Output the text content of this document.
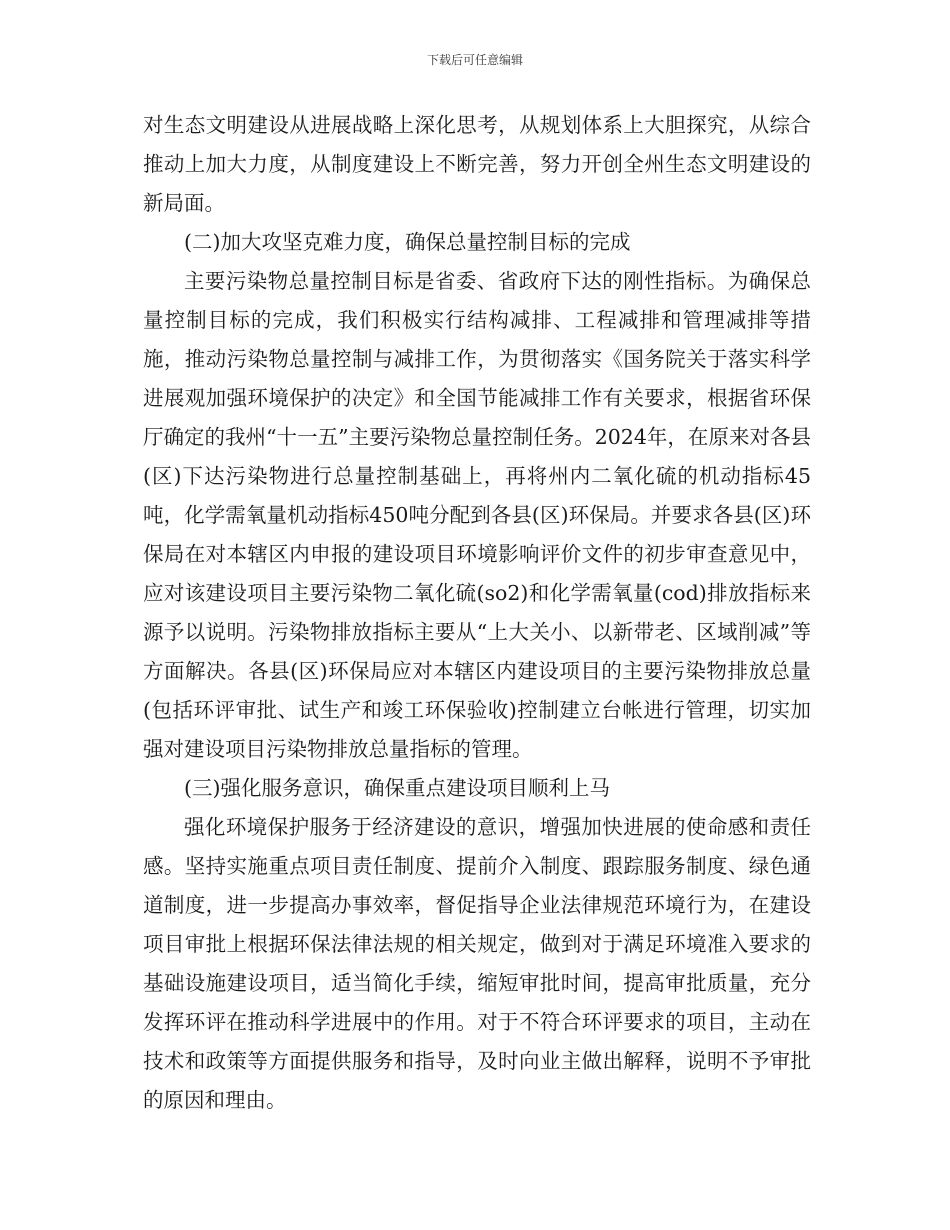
下载后可任意编辑

对生态文明建设从进展战略上深化思考，从规划体系上大胆探究，从综合推动上加大力度，从制度建设上不断完善，努力开创全州生态文明建设的新局面。

(二)加大攻坚克难力度，确保总量控制目标的完成

主要污染物总量控制目标是省委、省政府下达的刚性指标。为确保总量控制目标的完成，我们积极实行结构减排、工程减排和管理减排等措施，推动污染物总量控制与减排工作，为贯彻落实《国务院关于落实科学进展观加强环境保护的决定》和全国节能减排工作有关要求，根据省环保厅确定的我州“十一五”主要污染物总量控制任务。2024年，在原来对各县(区)下达污染物进行总量控制基础上，再将州内二氧化硫的机动指标45吨，化学需氧量机动指标450吨分配到各县(区)环保局。并要求各县(区)环保局在对本辖区内申报的建设项目环境影响评价文件的初步审查意见中，应对该建设项目主要污染物二氧化硫(so2)和化学需氧量(cod)排放指标来源予以说明。污染物排放指标主要从“上大关小、以新带老、区域削减”等方面解决。各县(区)环保局应对本辖区内建设项目的主要污染物排放总量(包括环评审批、试生产和竣工环保验收)控制建立台帐进行管理，切实加强对建设项目污染物排放总量指标的管理。

(三)强化服务意识，确保重点建设项目顺利上马

强化环境保护服务于经济建设的意识，增强加快进展的使命感和责任感。坚持实施重点项目责任制度、提前介入制度、跟踪服务制度、绿色通道制度，进一步提高办事效率，督促指导企业法律规范环境行为，在建设项目审批上根据环保法律法规的相关规定，做到对于满足环境准入要求的基础设施建设项目，适当简化手续，缩短审批时间，提高审批质量，充分发挥环评在推动科学进展中的作用。对于不符合环评要求的项目，主动在技术和政策等方面提供服务和指导，及时向业主做出解释，说明不予审批的原因和理由。
